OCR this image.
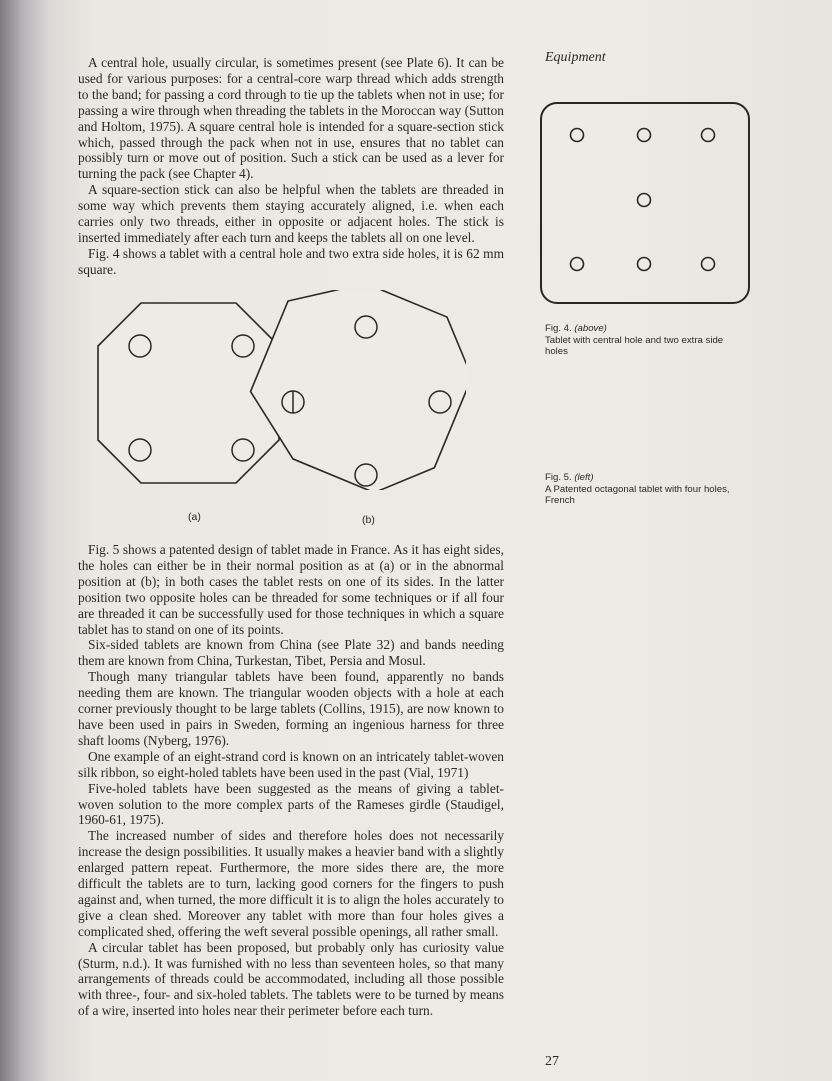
A central hole, usually circular, is sometimes present (see Plate 6). It can be used for various purposes: for a central-core warp thread which adds strength to the band; for passing a cord through to tie up the tablets when not in use; for passing a wire through when threading the tablets in the Moroccan way (Sutton and Holtom, 1975). A square central hole is intended for a square-section stick which, passed through the pack when not in use, ensures that no tablet can possibly turn or move out of position. Such a stick can be used as a lever for turning the pack (see Chapter 4).

A square-section stick can also be helpful when the tablets are threaded in some way which prevents them staying accurately aligned, i.e. when each carries only two threads, either in opposite or adjacent holes. The stick is inserted immediately after each turn and keeps the tablets all on one level.

Fig. 4 shows a tablet with a central hole and two extra side holes, it is 62 mm square.

Equipment
Fig. 4. (above)
Tablet with central hole and two extra side holes
(a)	(b)
Fig. 5. (left)
A Patented octagonal tablet with four holes, French

Fig. 5 shows a patented design of tablet made in France. As it has eight sides, the holes can either be in their normal position as at (a) or in the abnormal position at (b); in both cases the tablet rests on one of its sides. In the latter position two opposite holes can be threaded for some techniques or if all four are threaded it can be successfully used for those techniques in which a square tablet has to stand on one of its points.

Six-sided tablets are known from China (see Plate 32) and bands needing them are known from China, Turkestan, Tibet, Persia and Mosul.

Though many triangular tablets have been found, apparently no bands needing them are known. The triangular wooden objects with a hole at each corner previously thought to be large tablets (Collins, 1915), are now known to have been used in pairs in Sweden, forming an ingenious harness for three shaft looms (Nyberg, 1976).

One example of an eight-strand cord is known on an intricately tablet-woven silk ribbon, so eight-holed tablets have been used in the past (Vial, 1971)

Five-holed tablets have been suggested as the means of giving a tablet-woven solution to the more complex parts of the Rameses girdle (Staudigel, 1960-61, 1975).

The increased number of sides and therefore holes does not necessarily increase the design possibilities. It usually makes a heavier band with a slightly enlarged pattern repeat. Furthermore, the more sides there are, the more difficult the tablets are to turn, lacking good corners for the fingers to push against and, when turned, the more difficult it is to align the holes accurately to give a clean shed. Moreover any tablet with more than four holes gives a complicated shed, offering the weft several possible openings, all rather small.

A circular tablet has been proposed, but probably only has curiosity value (Sturm, n.d.). It was furnished with no less than seventeen holes, so that many arrangements of threads could be accommodated, including all those possible with three-, four- and six-holed tablets. The tablets were to be turned by means of a wire, inserted into holes near their perimeter before each turn.

27
